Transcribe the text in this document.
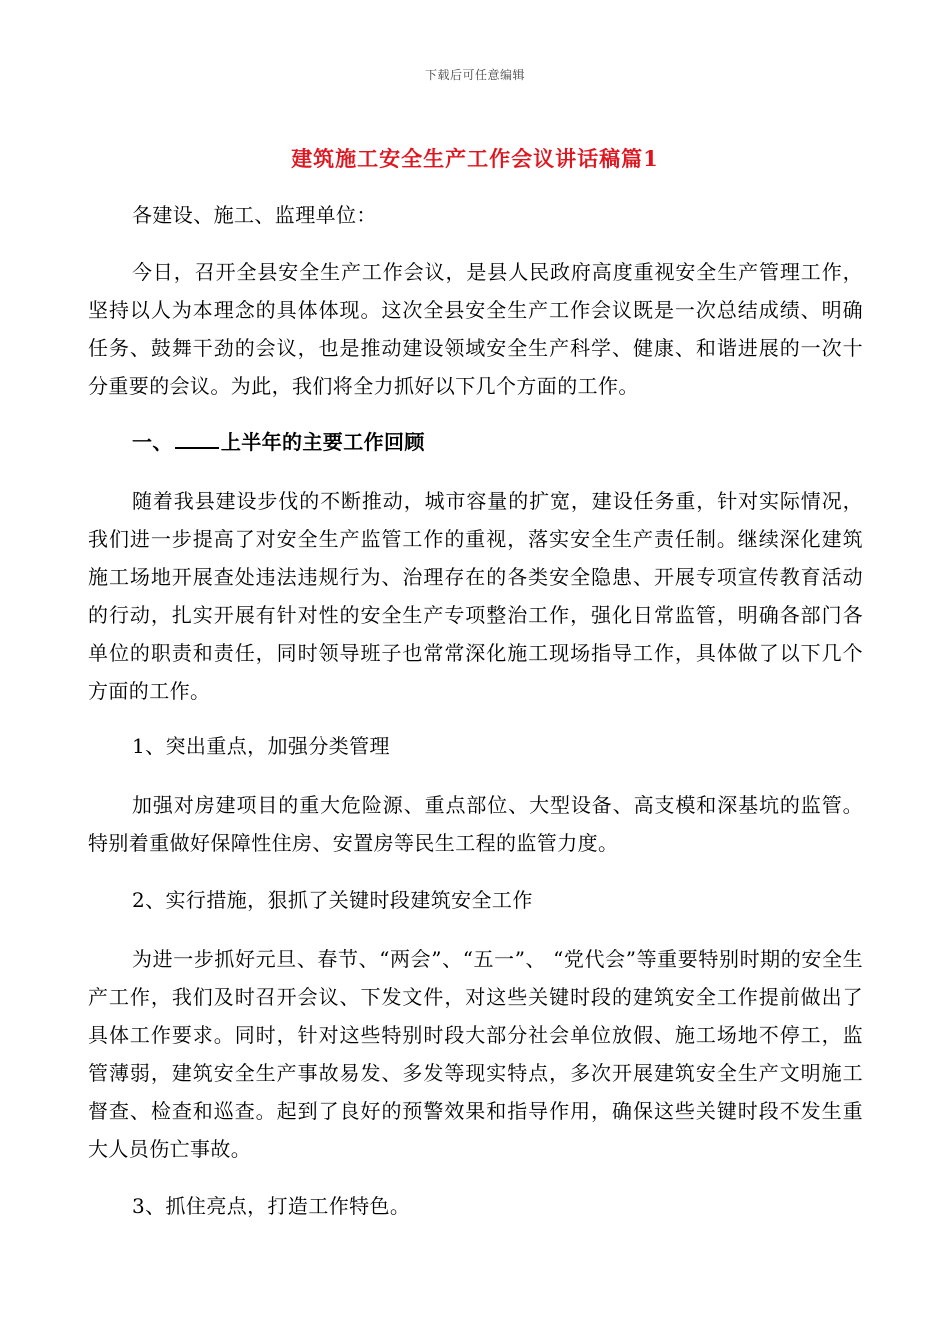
下载后可任意编辑
建筑施工安全生产工作会议讲话稿篇1
各建设、施工、监理单位：
今日，召开全县安全生产工作会议，是县人民政府高度重视安全生产管理工作，坚持以人为本理念的具体体现。这次全县安全生产工作会议既是一次总结成绩、明确任务、鼓舞干劲的会议，也是推动建设领域安全生产科学、健康、和谐进展的一次十分重要的会议。为此，我们将全力抓好以下几个方面的工作。
一、 上半年的主要工作回顾
随着我县建设步伐的不断推动，城市容量的扩宽，建设任务重，针对实际情况，我们进一步提高了对安全生产监管工作的重视，落实安全生产责任制。继续深化建筑施工场地开展查处违法违规行为、治理存在的各类安全隐患、开展专项宣传教育活动的行动，扎实开展有针对性的安全生产专项整治工作，强化日常监管，明确各部门各单位的职责和责任，同时领导班子也常常深化施工现场指导工作，具体做了以下几个方面的工作。
1、突出重点，加强分类管理
加强对房建项目的重大危险源、重点部位、大型设备、高支模和深基坑的监管。特别着重做好保障性住房、安置房等民生工程的监管力度。
2、实行措施，狠抓了关键时段建筑安全工作
为进一步抓好元旦、春节、“两会”、“五一”、 “党代会”等重要特别时期的安全生产工作，我们及时召开会议、下发文件，对这些关键时段的建筑安全工作提前做出了具体工作要求。同时，针对这些特别时段大部分社会单位放假、施工场地不停工，监管薄弱，建筑安全生产事故易发、多发等现实特点，多次开展建筑安全生产文明施工督查、检查和巡查。起到了良好的预警效果和指导作用，确保这些关键时段不发生重大人员伤亡事故。
3、抓住亮点，打造工作特色。
